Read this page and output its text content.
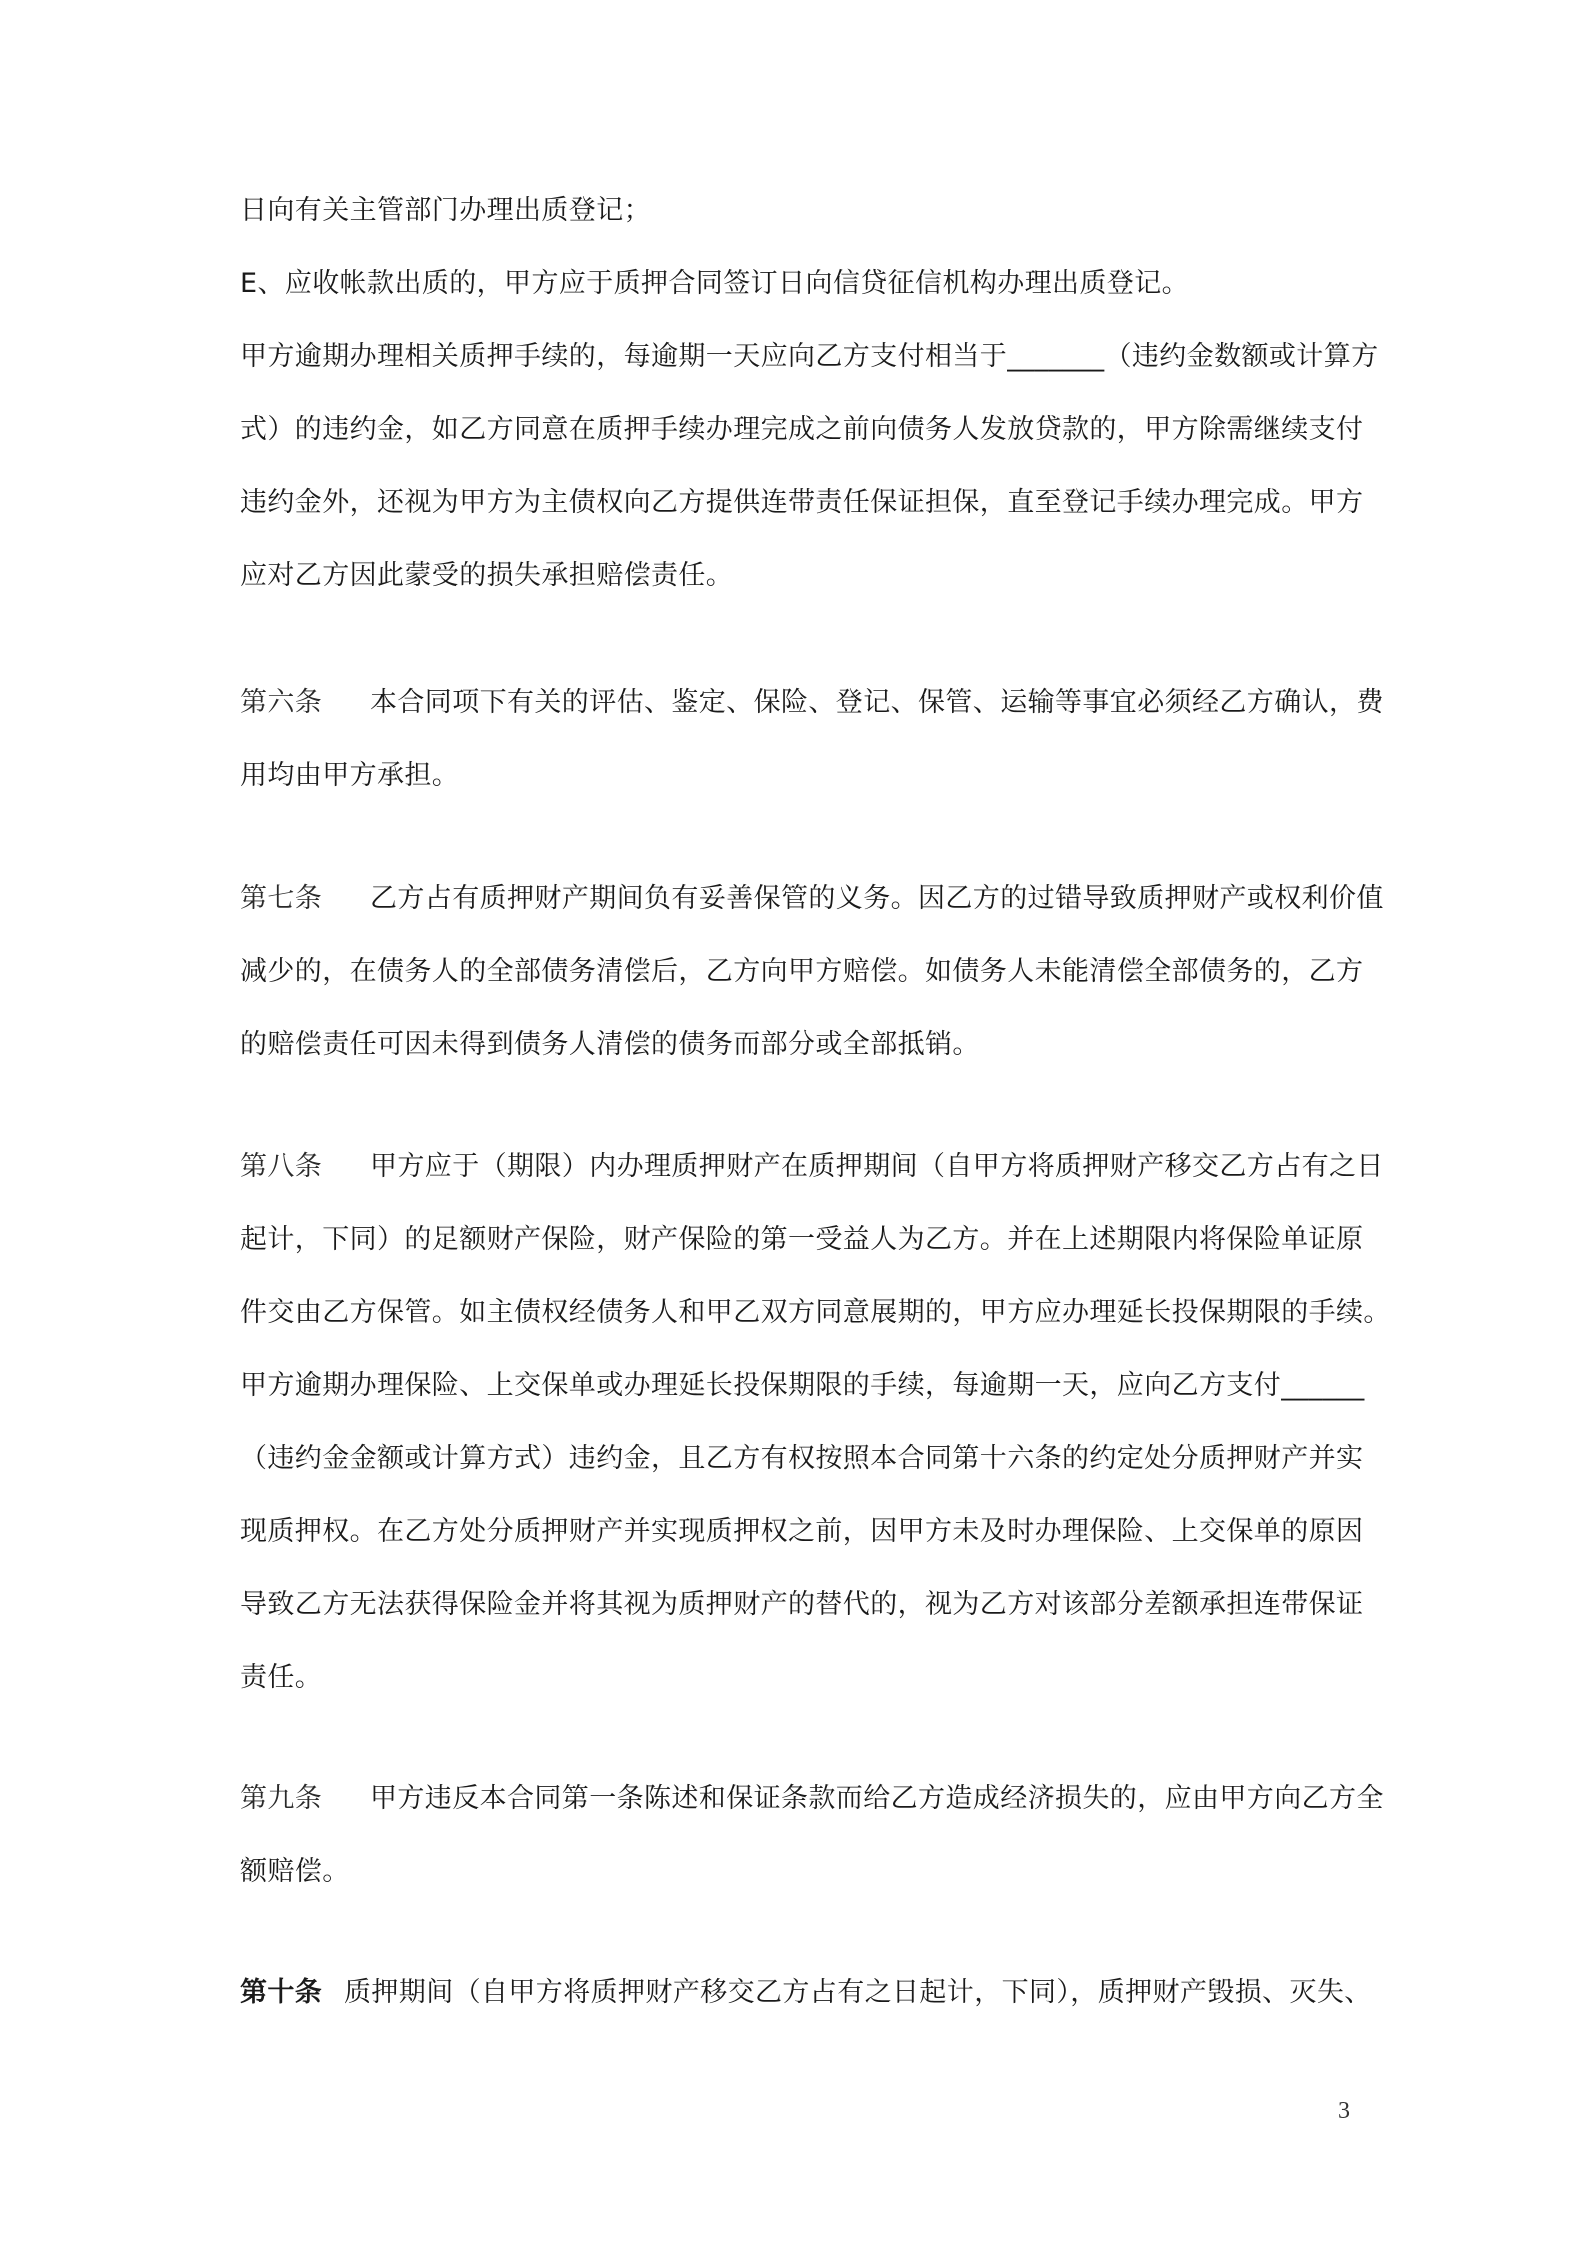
日向有关主管部门办理出质登记；
E、应收帐款出质的，甲方应于质押合同签订日向信贷征信机构办理出质登记。
甲方逾期办理相关质押手续的，每逾期一天应向乙方支付相当于_______（违约金数额或计算方
式）的违约金，如乙方同意在质押手续办理完成之前向债务人发放贷款的，甲方除需继续支付
违约金外，还视为甲方为主债权向乙方提供连带责任保证担保，直至登记手续办理完成。甲方
应对乙方因此蒙受的损失承担赔偿责任。
第六条 本合同项下有关的评估、鉴定、保险、登记、保管、运输等事宜必须经乙方确认，费
用均由甲方承担。
第七条 乙方占有质押财产期间负有妥善保管的义务。因乙方的过错导致质押财产或权利价值
减少的，在债务人的全部债务清偿后，乙方向甲方赔偿。如债务人未能清偿全部债务的，乙方
的赔偿责任可因未得到债务人清偿的债务而部分或全部抵销。
第八条 甲方应于（期限）内办理质押财产在质押期间（自甲方将质押财产移交乙方占有之日
起计，下同）的足额财产保险，财产保险的第一受益人为乙方。并在上述期限内将保险单证原
件交由乙方保管。如主债权经债务人和甲乙双方同意展期的，甲方应办理延长投保期限的手续。
甲方逾期办理保险、上交保单或办理延长投保期限的手续，每逾期一天，应向乙方支付______
（违约金金额或计算方式）违约金，且乙方有权按照本合同第十六条的约定处分质押财产并实
现质押权。在乙方处分质押财产并实现质押权之前，因甲方未及时办理保险、上交保单的原因
导致乙方无法获得保险金并将其视为质押财产的替代的，视为乙方对该部分差额承担连带保证
责任。
第九条 甲方违反本合同第一条陈述和保证条款而给乙方造成经济损失的，应由甲方向乙方全
额赔偿。
第十条 质押期间（自甲方将质押财产移交乙方占有之日起计，下同），质押财产毁损、灭失、
3
